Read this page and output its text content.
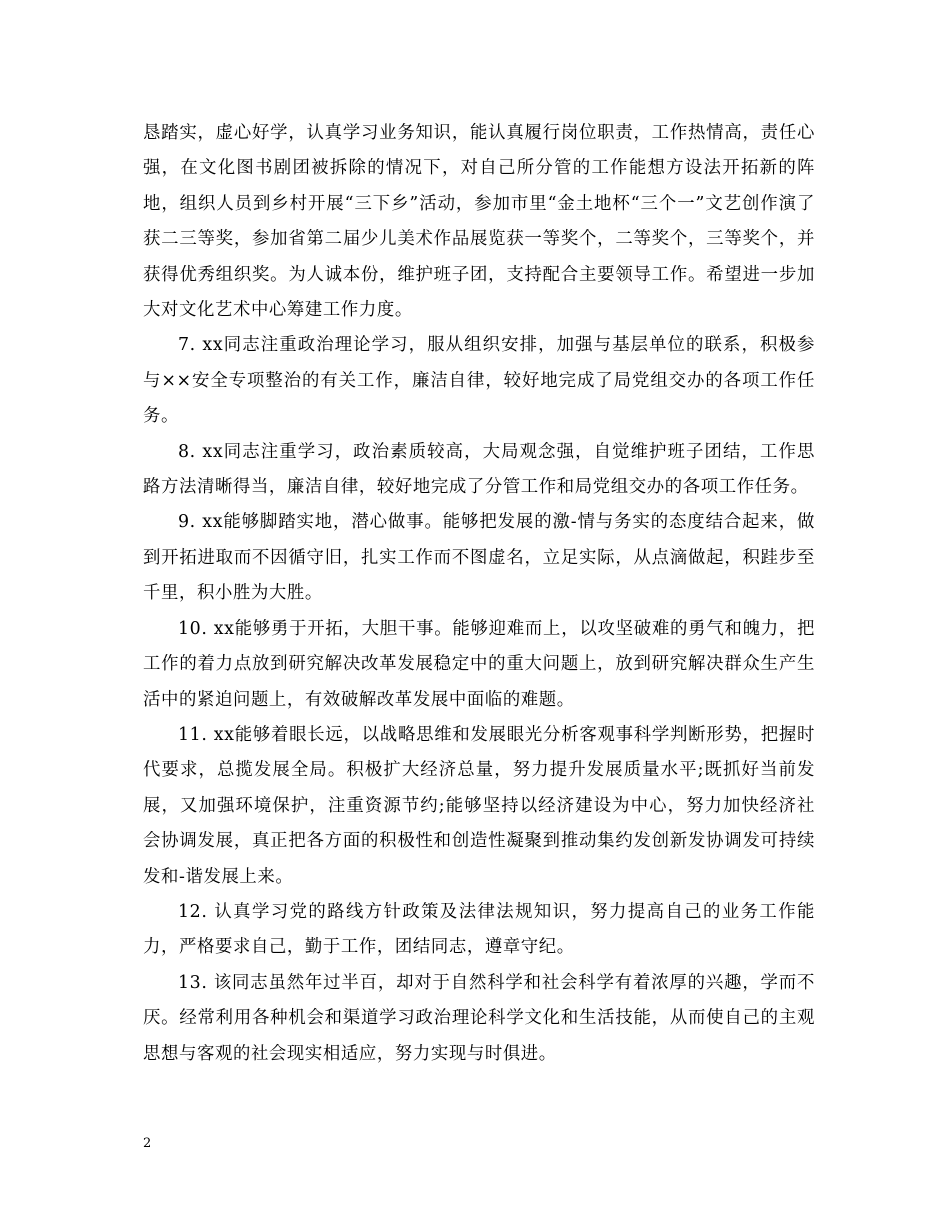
恳踏实，虚心好学，认真学习业务知识，能认真履行岗位职责，工作热情高，责任心强，在文化图书剧团被拆除的情况下，对自己所分管的工作能想方设法开拓新的阵地，组织人员到乡村开展“三下乡”活动，参加市里“金土地杯“三个一”文艺创作演了获二三等奖，参加省第二届少儿美术作品展览获一等奖个，二等奖个，三等奖个，并获得优秀组织奖。为人诚本份，维护班子团，支持配合主要领导工作。希望进一步加大对文化艺术中心筹建工作力度。

7. xx同志注重政治理论学习，服从组织安排，加强与基层单位的联系，积极参与××安全专项整治的有关工作，廉洁自律，较好地完成了局党组交办的各项工作任务。

8. xx同志注重学习，政治素质较高，大局观念强，自觉维护班子团结，工作思路方法清晰得当，廉洁自律，较好地完成了分管工作和局党组交办的各项工作任务。

9. xx能够脚踏实地，潜心做事。能够把发展的激-情与务实的态度结合起来，做到开拓进取而不因循守旧，扎实工作而不图虚名，立足实际，从点滴做起，积跬步至千里，积小胜为大胜。

10. xx能够勇于开拓，大胆干事。能够迎难而上，以攻坚破难的勇气和魄力，把工作的着力点放到研究解决改革发展稳定中的重大问题上，放到研究解决群众生产生活中的紧迫问题上，有效破解改革发展中面临的难题。

11. xx能够着眼长远，以战略思维和发展眼光分析客观事科学判断形势，把握时代要求，总揽发展全局。积极扩大经济总量，努力提升发展质量水平;既抓好当前发展，又加强环境保护，注重资源节约;能够坚持以经济建设为中心，努力加快经济社会协调发展，真正把各方面的积极性和创造性凝聚到推动集约发创新发协调发可持续发和-谐发展上来。

12. 认真学习党的路线方针政策及法律法规知识，努力提高自己的业务工作能力，严格要求自己，勤于工作，团结同志，遵章守纪。

13. 该同志虽然年过半百，却对于自然科学和社会科学有着浓厚的兴趣，学而不厌。经常利用各种机会和渠道学习政治理论科学文化和生活技能，从而使自己的主观思想与客观的社会现实相适应，努力实现与时俱进。

2
